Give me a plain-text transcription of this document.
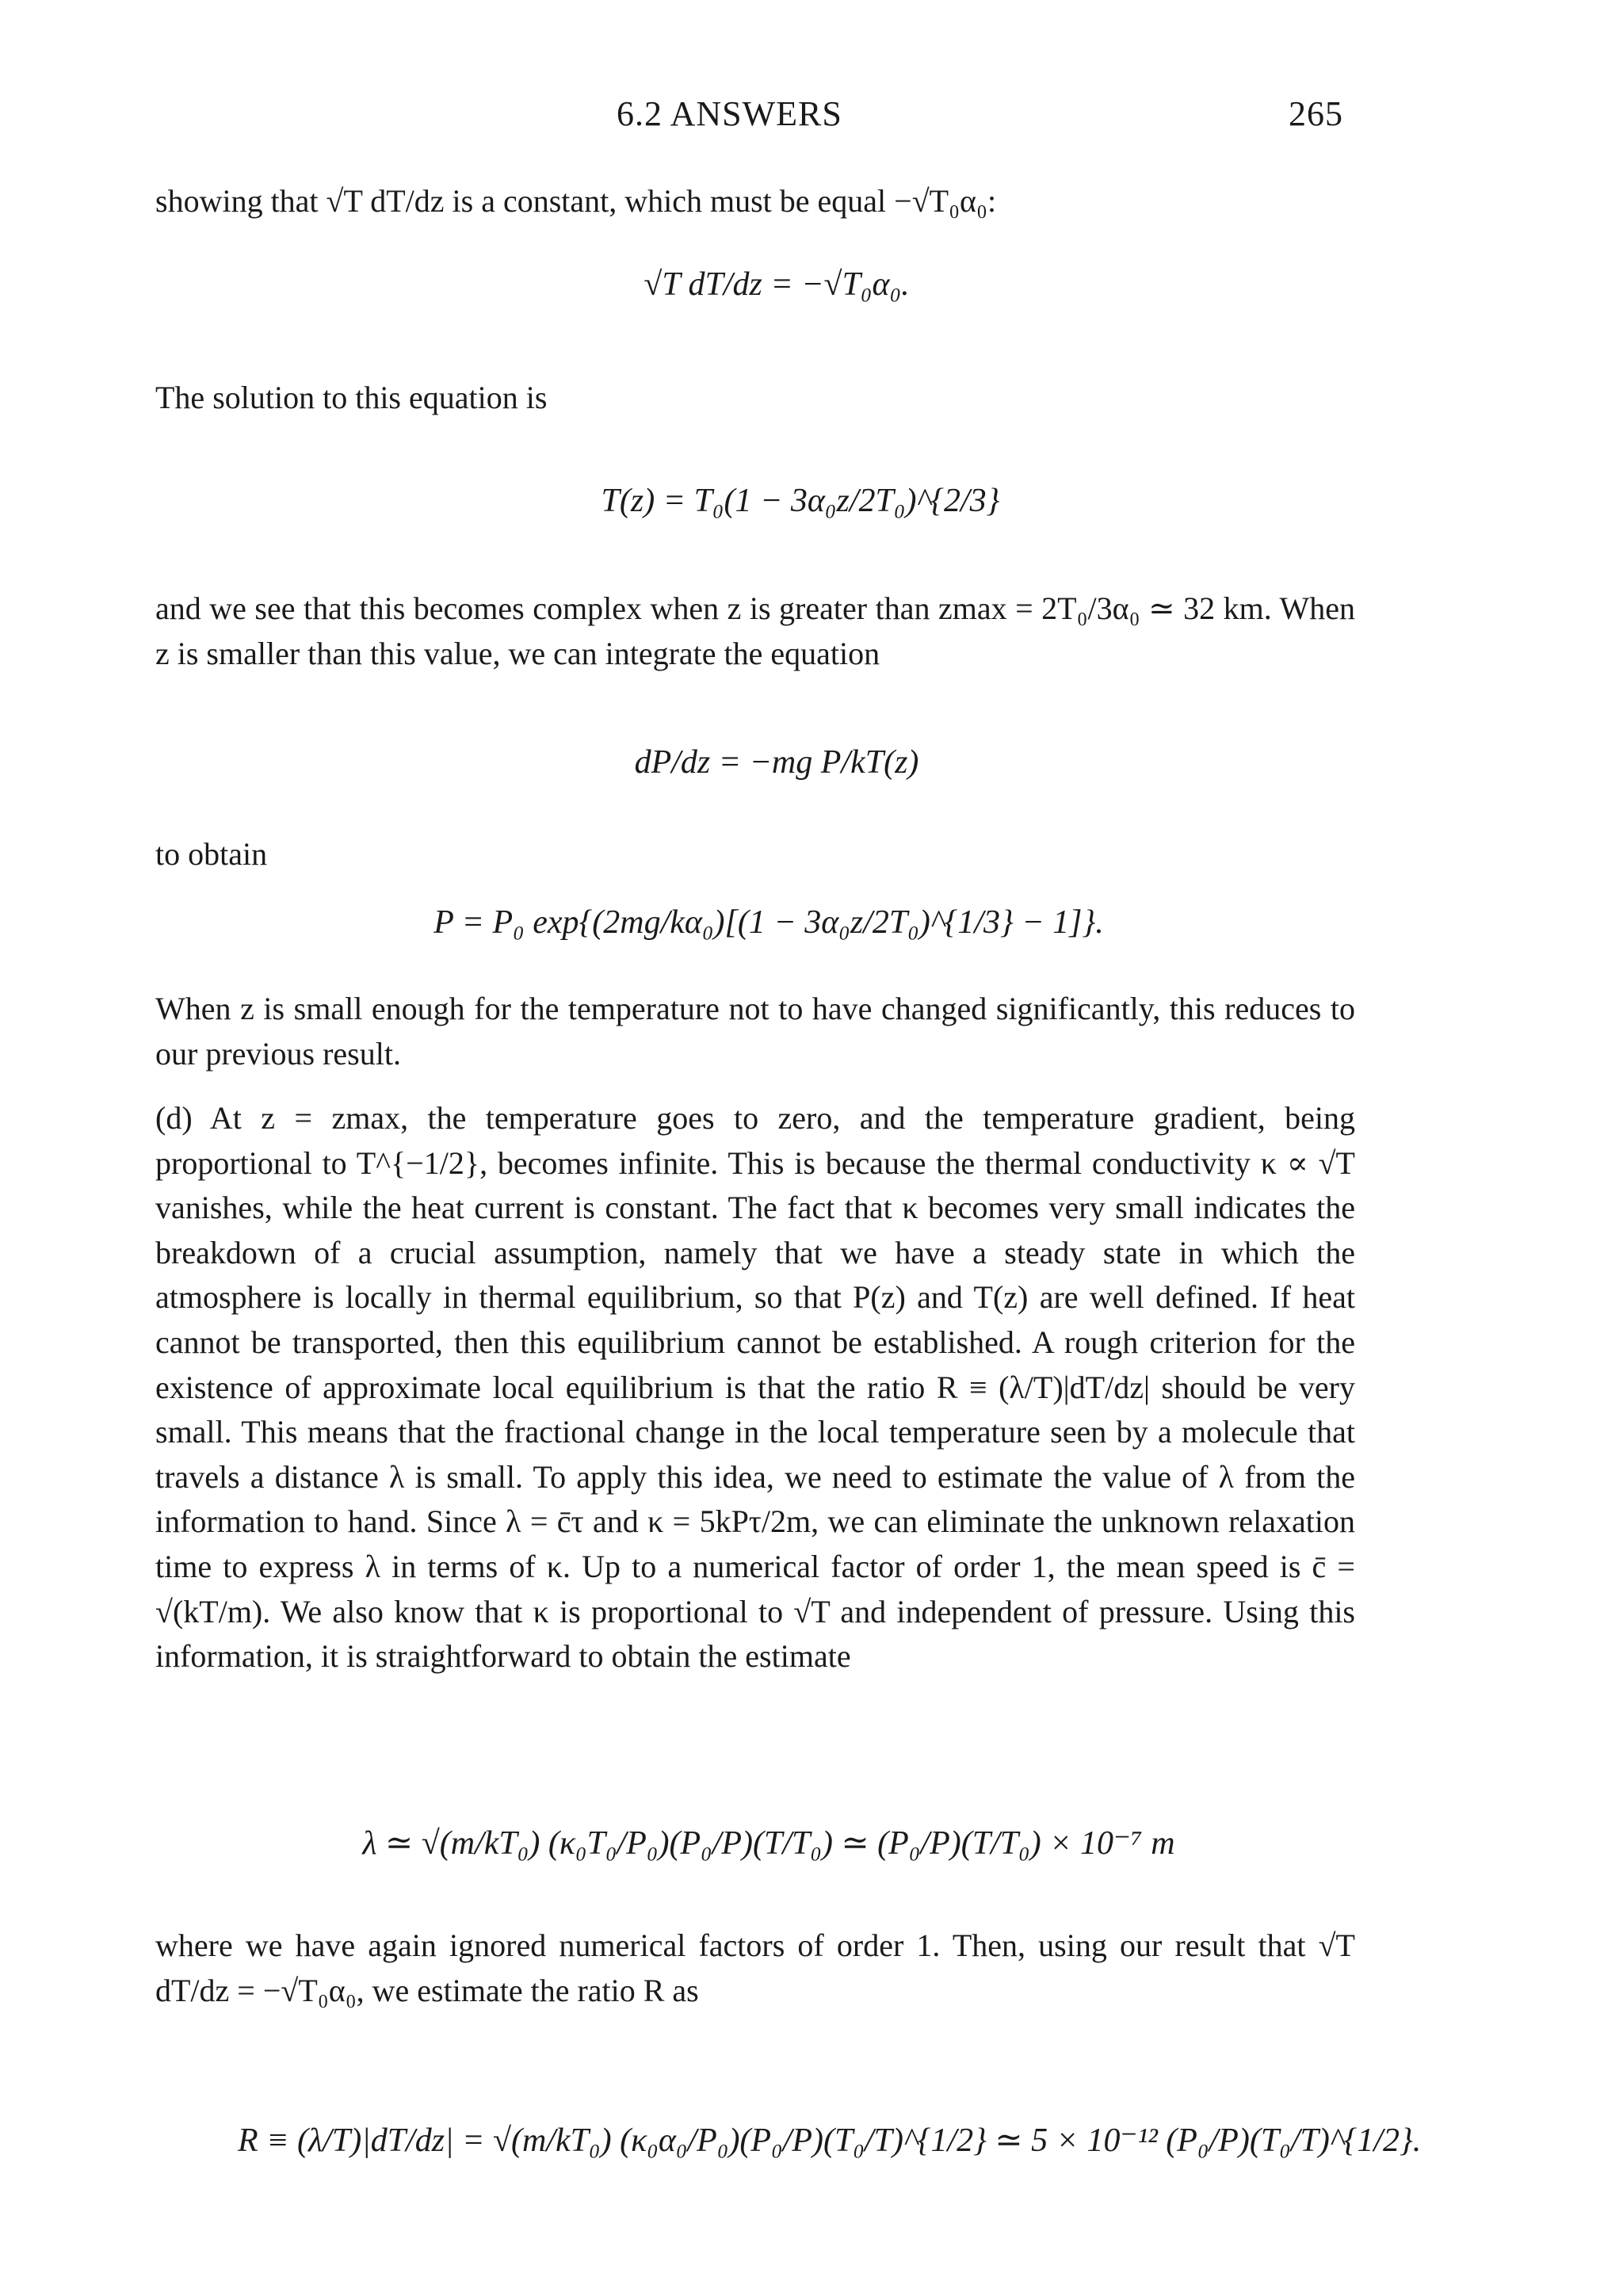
6.2 ANSWERS	265
showing that √T dT/dz is a constant, which must be equal −√T₀α₀:
√T dT/dz = −√T₀α₀.
The solution to this equation is
T(z) = T₀(1 − 3α₀z/2T₀)^{2/3}
and we see that this becomes complex when z is greater than zmax = 2T₀/3α₀ ≃ 32 km. When z is smaller than this value, we can integrate the equation
dP/dz = −mg P/kT(z)
to obtain
P = P₀ exp{(2mg/kα₀)[(1 − 3α₀z/2T₀)^{1/3} − 1]}.
When z is small enough for the temperature not to have changed significantly, this reduces to our previous result.
(d) At z = zmax, the temperature goes to zero, and the temperature gradient, being proportional to T^{−1/2}, becomes infinite. This is because the thermal conductivity κ ∝ √T vanishes, while the heat current is constant. The fact that κ becomes very small indicates the breakdown of a crucial assumption, namely that we have a steady state in which the atmosphere is locally in thermal equilibrium, so that P(z) and T(z) are well defined. If heat cannot be transported, then this equilibrium cannot be established. A rough criterion for the existence of approximate local equilibrium is that the ratio R ≡ (λ/T)|dT/dz| should be very small. This means that the fractional change in the local temperature seen by a molecule that travels a distance λ is small. To apply this idea, we need to estimate the value of λ from the information to hand. Since λ = c̄τ and κ = 5kPτ/2m, we can eliminate the unknown relaxation time to express λ in terms of κ. Up to a numerical factor of order 1, the mean speed is c̄ = √(kT/m). We also know that κ is proportional to √T and independent of pressure. Using this information, it is straightforward to obtain the estimate
λ ≃ √(m/kT₀) (κ₀T₀/P₀)(P₀/P)(T/T₀) ≃ (P₀/P)(T/T₀) × 10⁻⁷ m
where we have again ignored numerical factors of order 1. Then, using our result that √T dT/dz = −√T₀α₀, we estimate the ratio R as
R ≡ (λ/T)|dT/dz| = √(m/kT₀) (κ₀α₀/P₀)(P₀/P)(T₀/T)^{1/2} ≃ 5 × 10⁻¹² (P₀/P)(T₀/T)^{1/2}.
